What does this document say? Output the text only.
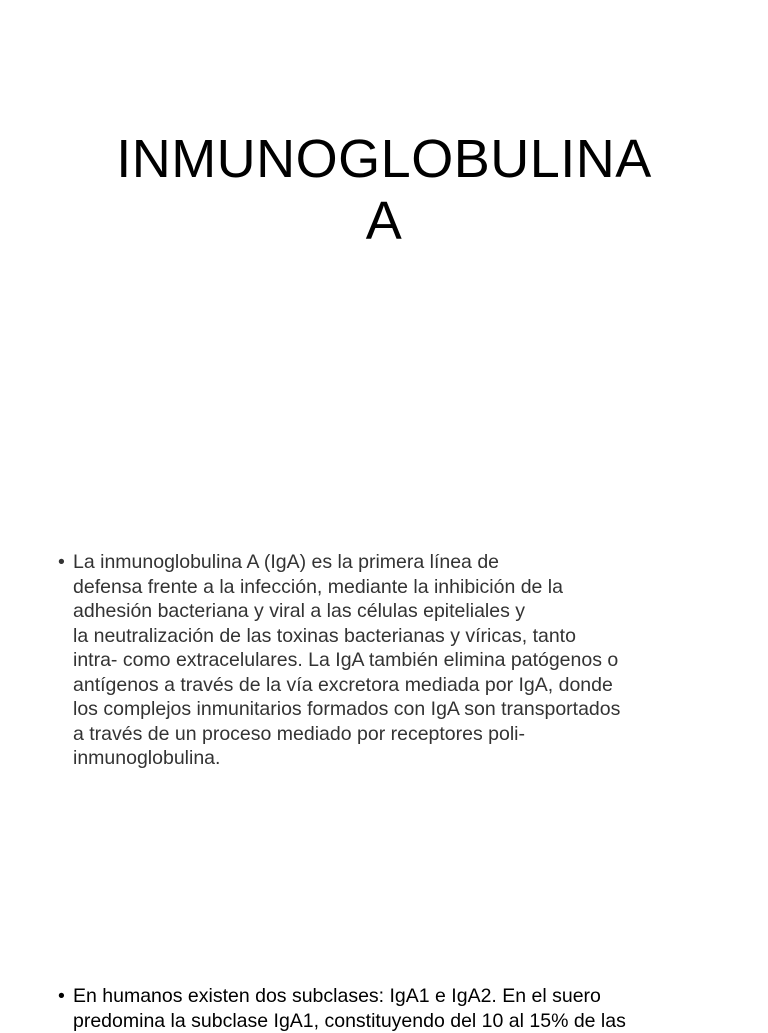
INMUNOGLOBULINA
A
• La inmunoglobulina A (IgA) es la primera línea de
defensa frente a la infección, mediante la inhibición de la
adhesión bacteriana y viral a las células epiteliales y
la neutralización de las toxinas bacterianas y víricas, tanto
intra- como extracelulares. La IgA también elimina patógenos o
antígenos a través de la vía excretora mediada por IgA, donde
los complejos inmunitarios formados con IgA son transportados
a través de un proceso mediado por receptores poli-
inmunoglobulina.
• En humanos existen dos subclases: IgA1 e IgA2. En el suero
predomina la subclase IgA1, constituyendo del 10 al 15% de las
